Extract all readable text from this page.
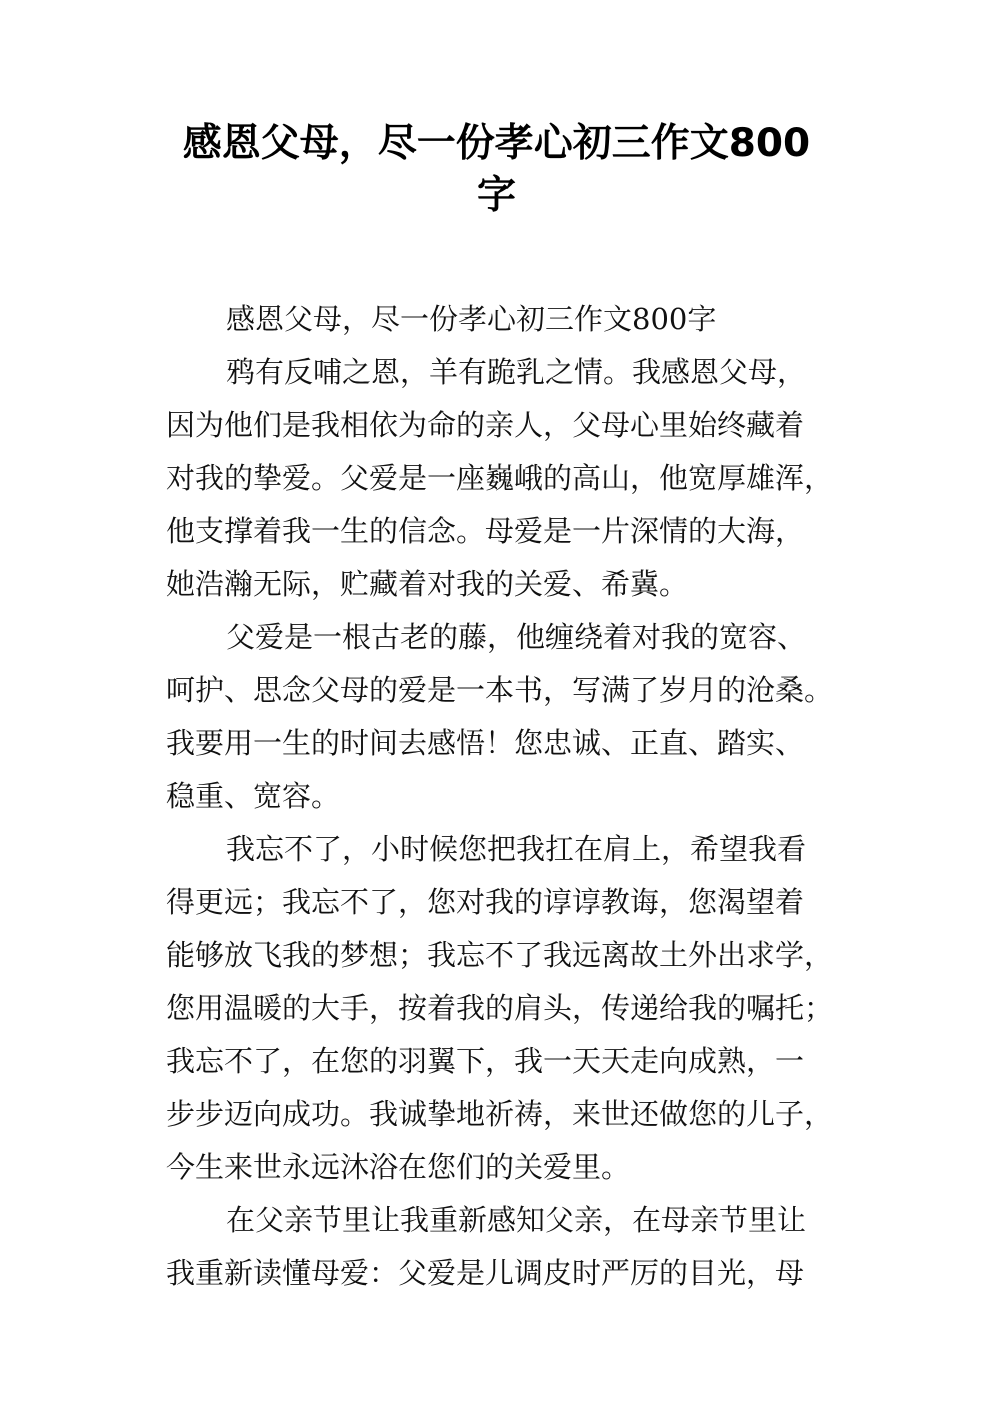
感恩父母，尽一份孝心初三作文800
字
感恩父母，尽一份孝心初三作文800字
鸦有反哺之恩，羊有跪乳之情。我感恩父母，
因为他们是我相依为命的亲人，父母心里始终藏着
对我的挚爱。父爱是一座巍峨的高山，他宽厚雄浑，
他支撑着我一生的信念。母爱是一片深情的大海，
她浩瀚无际，贮藏着对我的关爱、希冀。
父爱是一根古老的藤，他缠绕着对我的宽容、
呵护、思念父母的爱是一本书，写满了岁月的沧桑。
我要用一生的时间去感悟！您忠诚、正直、踏实、
稳重、宽容。
我忘不了，小时候您把我扛在肩上，希望我看
得更远；我忘不了，您对我的谆谆教诲，您渴望着
能够放飞我的梦想；我忘不了我远离故土外出求学，
您用温暖的大手，按着我的肩头，传递给我的嘱托；
我忘不了，在您的羽翼下，我一天天走向成熟，一
步步迈向成功。我诚挚地祈祷，来世还做您的儿子，
今生来世永远沐浴在您们的关爱里。
在父亲节里让我重新感知父亲，在母亲节里让
我重新读懂母爱：父爱是儿调皮时严厉的目光，母
